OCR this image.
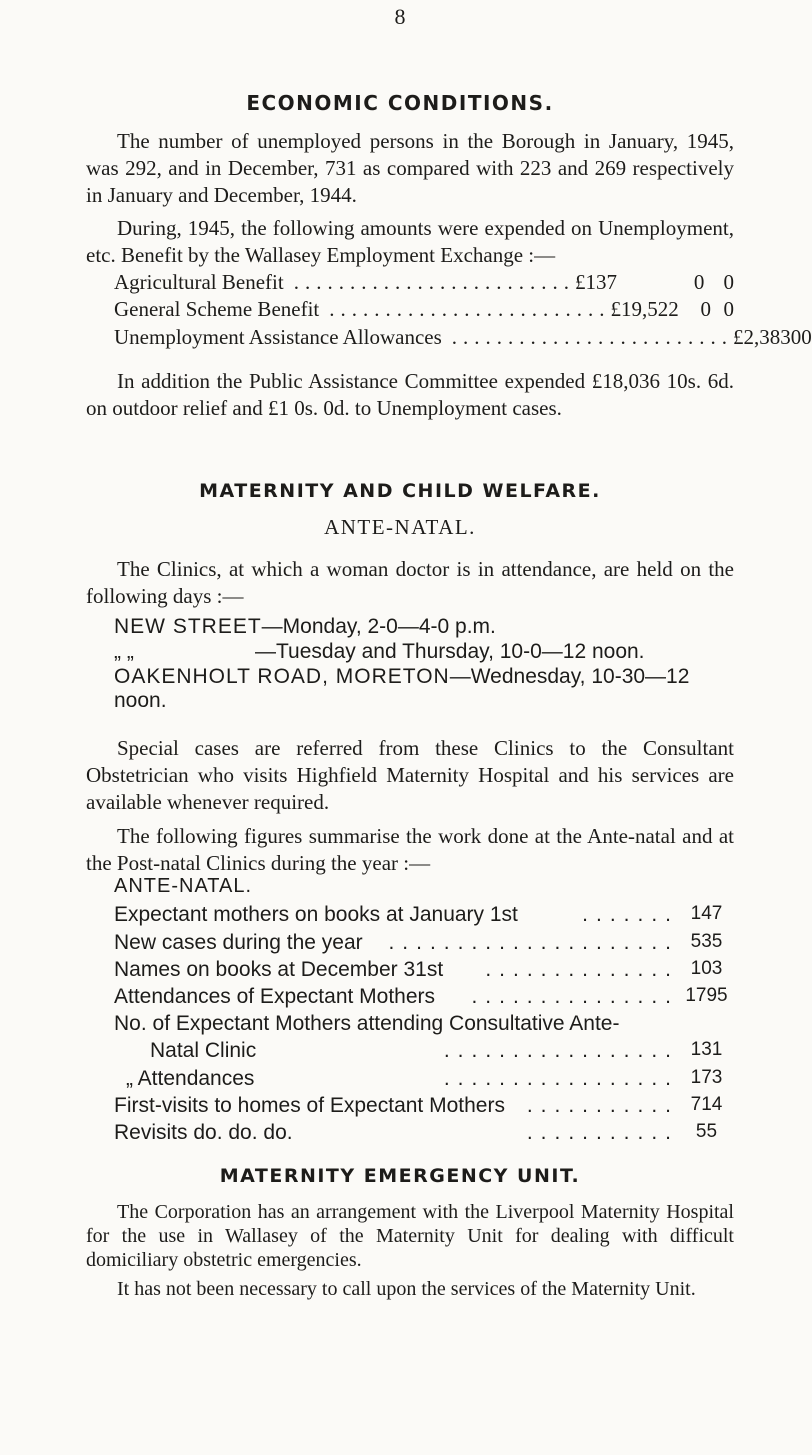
8
ECONOMIC CONDITIONS.
The number of unemployed persons in the Borough in January, 1945, was 292, and in December, 731 as compared with 223 and 269 respectively in January and December, 1944.
During, 1945, the following amounts were expended on Unemployment, etc. Benefit by the Wallasey Employment Exchange :—
Agricultural Benefit ......................... £137	0 0
General Scheme Benefit ......................... £19,522	0 0
Unemployment Assistance Allowances ......................... £2,383 0 0
In addition the Public Assistance Committee expended £18,036 10s. 6d. on outdoor relief and £1 0s. 0d. to Unemployment cases.
MATERNITY AND CHILD WELFARE.
ANTE-NATAL.
The Clinics, at which a woman doctor is in attendance, are held on the following days :—
NEW STREET—Monday, 2-0—4-0 p.m.
„ „	—Tuesday and Thursday, 10-0—12 noon.
OAKENHOLT ROAD, MORETON—Wednesday, 10-30—12 noon.
Special cases are referred from these Clinics to the Consultant Obstetrician who visits Highfield Maternity Hospital and his services are available whenever required.
The following figures summarise the work done at the Ante-natal and at the Post-natal Clinics during the year :—
ANTE-NATAL.
Expectant mothers on books at January 1st	....... 147
New cases during the year	..................... 535
Names on books at December 31st	.............. 103
Attendances of Expectant Mothers	............... 1795
No. of Expectant Mothers attending Consultative Ante-
Natal Clinic	................. 131
„ Attendances	................. 173
First-visits to homes of Expectant Mothers	........... 714
Revisits do. do. do.	........... 55
MATERNITY EMERGENCY UNIT.
The Corporation has an arrangement with the Liverpool Maternity Hospital for the use in Wallasey of the Maternity Unit for dealing with difficult domiciliary obstetric emergencies.
It has not been necessary to call upon the services of the Maternity Unit.
